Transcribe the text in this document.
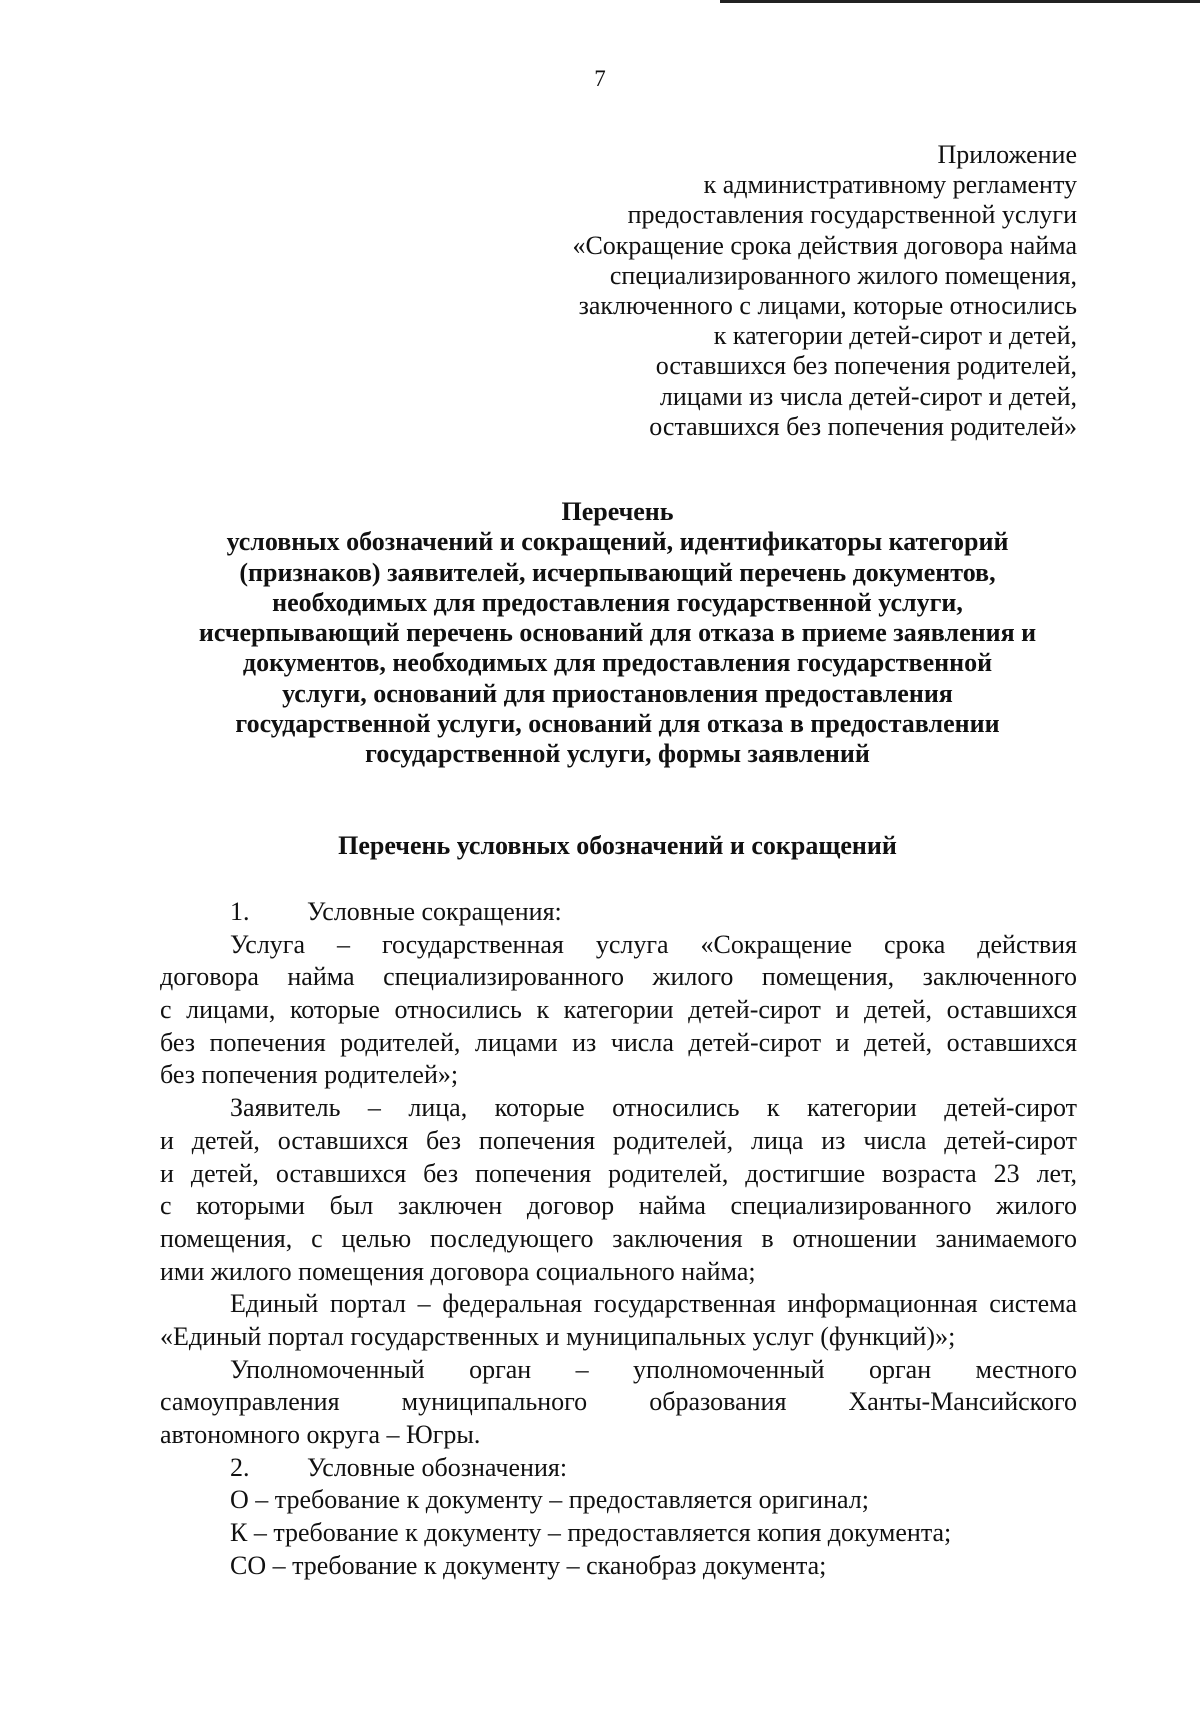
7
Приложение
к административному регламенту
предоставления государственной услуги
«Сокращение срока действия договора найма
специализированного жилого помещения,
заключенного с лицами, которые относились
к категории детей-сирот и детей,
оставшихся без попечения родителей,
лицами из числа детей-сирот и детей,
оставшихся без попечения родителей»
Перечень
условных обозначений и сокращений, идентификаторы категорий
(признаков) заявителей, исчерпывающий перечень документов,
необходимых для предоставления государственной услуги,
исчерпывающий перечень оснований для отказа в приеме заявления и
документов, необходимых для предоставления государственной
услуги, оснований для приостановления предоставления
государственной услуги, оснований для отказа в предоставлении
государственной услуги, формы заявлений
Перечень условных обозначений и сокращений
1. Условные сокращения:
Услуга – государственная услуга «Сокращение срока действия
договора найма специализированного жилого помещения, заключенного
с лицами, которые относились к категории детей-сирот и детей, оставшихся
без попечения родителей, лицами из числа детей-сирот и детей, оставшихся
без попечения родителей»;
Заявитель – лица, которые относились к категории детей-сирот
и детей, оставшихся без попечения родителей, лица из числа детей-сирот
и детей, оставшихся без попечения родителей, достигшие возраста 23 лет,
с которыми был заключен договор найма специализированного жилого
помещения, с целью последующего заключения в отношении занимаемого
ими жилого помещения договора социального найма;
Единый портал – федеральная государственная информационная система
«Единый портал государственных и муниципальных услуг (функций)»;
Уполномоченный орган – уполномоченный орган местного
самоуправления муниципального образования Ханты-Мансийского
автономного округа – Югры.
2. Условные обозначения:
О – требование к документу – предоставляется оригинал;
К – требование к документу – предоставляется копия документа;
СО – требование к документу – сканобраз документа;
